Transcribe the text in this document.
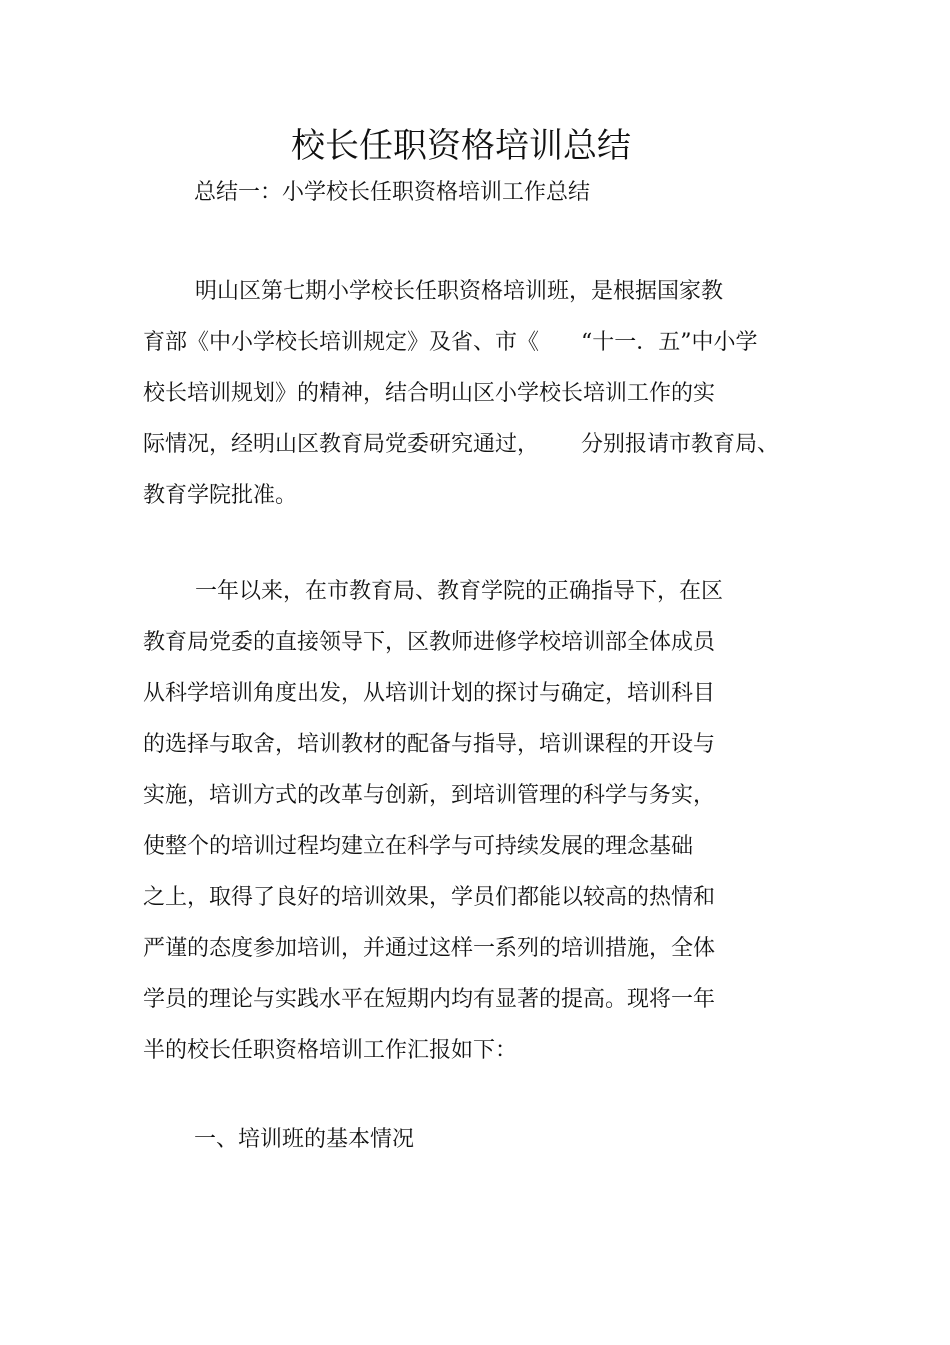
校长任职资格培训总结
总结一：小学校长任职资格培训工作总结
明山区第七期小学校长任职资格培训班，是根据国家教
育部《中小学校长培训规定》及省、市《      “十一．五”中小学
校长培训规划》的精神，结合明山区小学校长培训工作的实
际情况，经明山区教育局党委研究通过，      分别报请市教育局、
教育学院批准。
一年以来，在市教育局、教育学院的正确指导下，在区
教育局党委的直接领导下，区教师进修学校培训部全体成员
从科学培训角度出发，从培训计划的探讨与确定，培训科目
的选择与取舍，培训教材的配备与指导，培训课程的开设与
实施，培训方式的改革与创新，到培训管理的科学与务实，
使整个的培训过程均建立在科学与可持续发展的理念基础
之上，取得了良好的培训效果，学员们都能以较高的热情和
严谨的态度参加培训，并通过这样一系列的培训措施，全体
学员的理论与实践水平在短期内均有显著的提高。现将一年
半的校长任职资格培训工作汇报如下：
一、培训班的基本情况
